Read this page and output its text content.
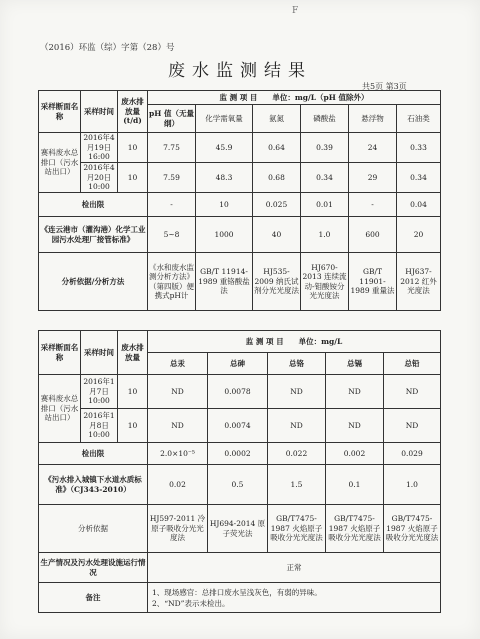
F
（2016）环监（综）字第（28）号
废水监测结果
共5页 第3页
采样断面名称	采样时间	废水排放量(t/d)	监 测 项 目　　单位：mg/L（pH 值除外）					
			pH 值（无量纲）	化学需氧量	氨氮	磷酸盐	悬浮物	石油类
赛科废水总排口（污水站出口）	2016年4月19日16:00	10	7.75	45.9	0.64	0.39	24	0.33
	2016年4月20日10:00	10	7.59	48.3	0.68	0.34	29	0.34
检出限			-	10	0.025	0.01	-	0.04
《连云港市（灌沟港）化学工业园污水处理厂接管标准》			5~8	1000	40	1.0	600	20
分析依据/分析方法			《水和废水监测分析方法》（第四版）便携式pH计	GB/T 11914-1989 重铬酸盐法	HJ535-2009 纳氏试剂分光光度法	HJ670-2013 连续流动-钼酸铵分光光度法	GB/T 11901-1989 重量法	HJ637-2012 红外光度法
采样断面名称	采样时间	废水排放量	监 测 项 目　　单位：mg/L				
			总汞	总砷	总铬	总镉	总铅
赛科废水总排口（污水站出口）	2016年1月7日10:00	10	ND	0.0078	ND	ND	ND
	2016年1月8日10:00	10	ND	0.0074	ND	ND	ND
检出限			2.0×10⁻⁵	0.0002	0.022	0.002	0.029
《污水排入城镇下水道水质标准》（CJ343-2010）			0.02	0.5	1.5	0.1	1.0
分析依据			HJ597-2011 冷原子吸收分光光度法	HJ694-2014 原子荧光法	GB/T7475-1987 火焰原子吸收分光光度法	GB/T7475-1987 火焰原子吸收分光光度法	GB/T7475-1987 火焰原子吸收分光光度法
生产情况及污水处理设施运行情况			正常				
备注			1、现场感官：总排口废水呈浅灰色，有弱的异味。
2、“ND”表示未检出。				
